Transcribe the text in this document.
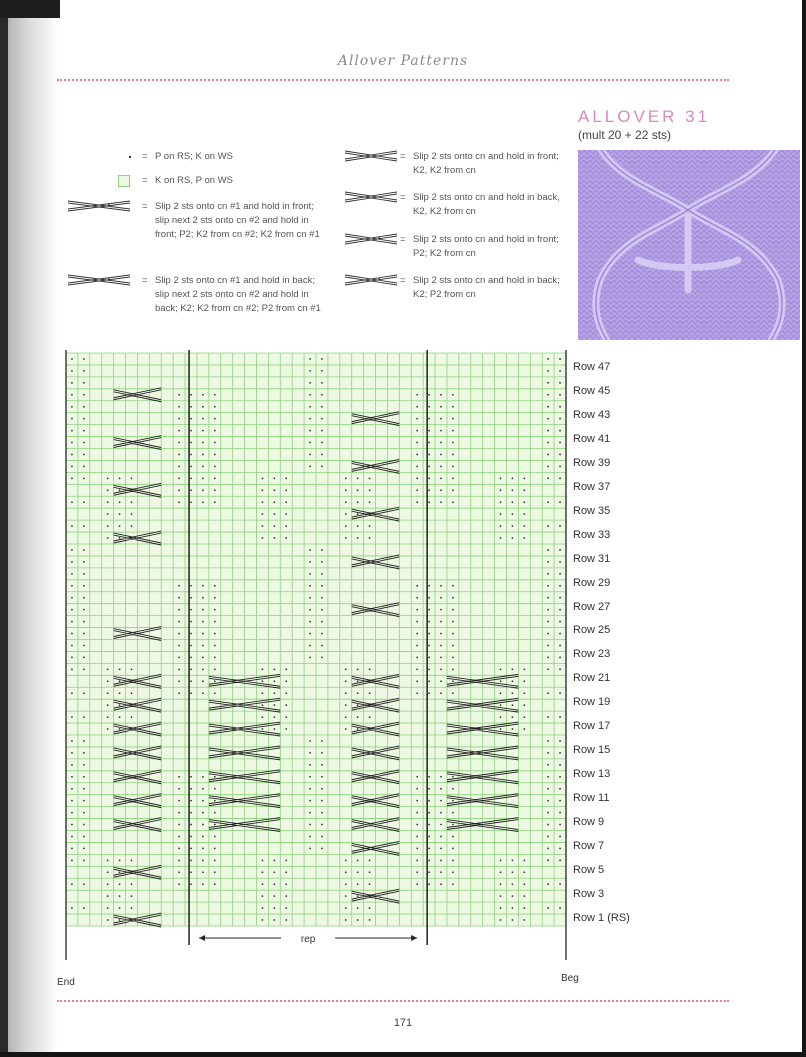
Allover Patterns
ALLOVER 31
(mult 20 + 22 sts)
= P on RS; K on WS
= K on RS, P on WS
= Slip 2 sts onto cn #1 and hold in front; slip next 2 sts onto cn #2 and hold in front; P2; K2 from cn #2; K2 from cn #1
= Slip 2 sts onto cn #1 and hold in back; slip next 2 sts onto cn #2 and hold in back; K2; K2 from cn #2; P2 from cn #1
= Slip 2 sts onto cn and hold in front; K2, K2 from cn
= Slip 2 sts onto cn and hold in back, K2, K2 from cn
= Slip 2 sts onto cn and hold in front; P2; K2 from cn
= Slip 2 sts onto cn and hold in back; K2; P2 from cn
rep
Row 47
Row 45
Row 43
Row 41
Row 39
Row 37
Row 35
Row 33
Row 31
Row 29
Row 27
Row 25
Row 23
Row 21
Row 19
Row 17
Row 15
Row 13
Row 11
Row 9
Row 7
Row 5
Row 3
Row 1 (RS)
End	Beg
171
